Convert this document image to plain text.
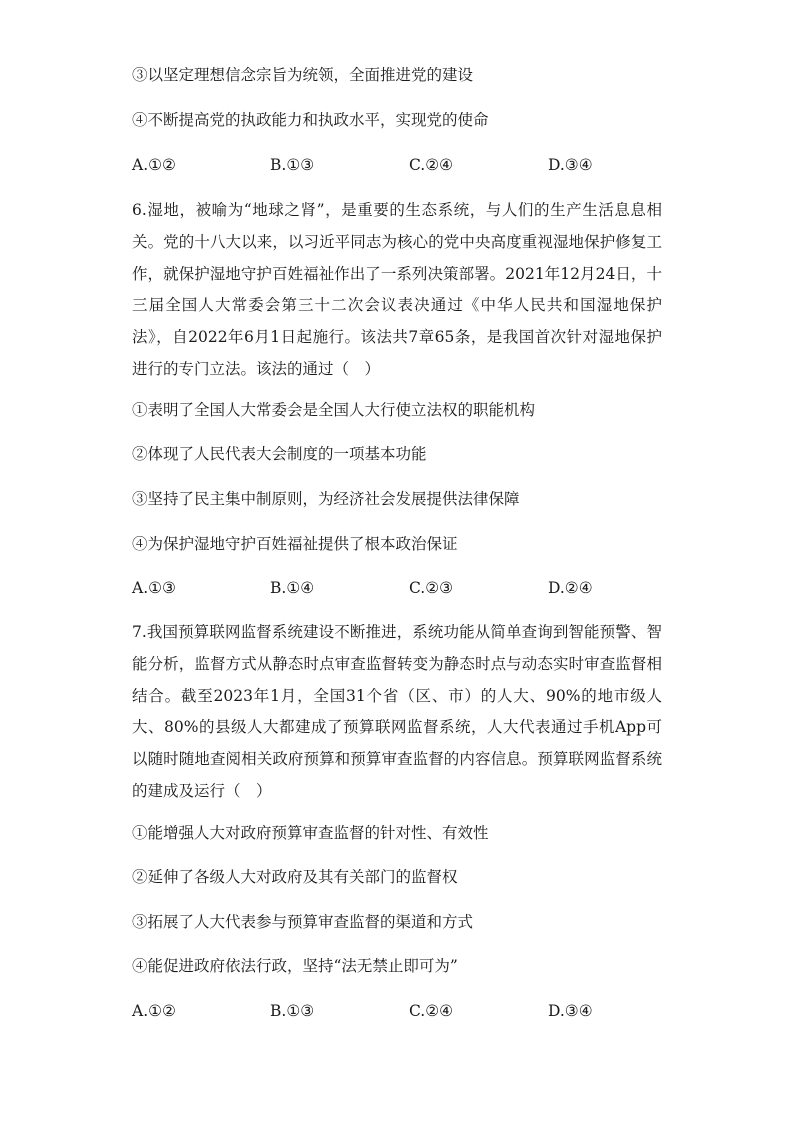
③以坚定理想信念宗旨为统领，全面推进党的建设
④不断提高党的执政能力和执政水平，实现党的使命
A.①②	B.①③	C.②④	D.③④
6.湿地，被喻为“地球之肾”，是重要的生态系统，与人们的生产生活息息相关。党的十八大以来，以习近平同志为核心的党中央高度重视湿地保护修复工作，就保护湿地守护百姓福祉作出了一系列决策部署。2021年12月24日，十三届全国人大常委会第三十二次会议表决通过《中华人民共和国湿地保护法》，自2022年6月1日起施行。该法共7章65条，是我国首次针对湿地保护进行的专门立法。该法的通过（　）
①表明了全国人大常委会是全国人大行使立法权的职能机构
②体现了人民代表大会制度的一项基本功能
③坚持了民主集中制原则，为经济社会发展提供法律保障
④为保护湿地守护百姓福祉提供了根本政治保证
A.①③	B.①④	C.②③	D.②④
7.我国预算联网监督系统建设不断推进，系统功能从简单查询到智能预警、智能分析，监督方式从静态时点审查监督转变为静态时点与动态实时审查监督相结合。截至2023年1月，全国31个省（区、市）的人大、90%的地市级人大、80%的县级人大都建成了预算联网监督系统，人大代表通过手机App可以随时随地查阅相关政府预算和预算审查监督的内容信息。预算联网监督系统的建成及运行（　）
①能增强人大对政府预算审查监督的针对性、有效性
②延伸了各级人大对政府及其有关部门的监督权
③拓展了人大代表参与预算审查监督的渠道和方式
④能促进政府依法行政，坚持“法无禁止即可为”
A.①②	B.①③	C.②④	D.③④
